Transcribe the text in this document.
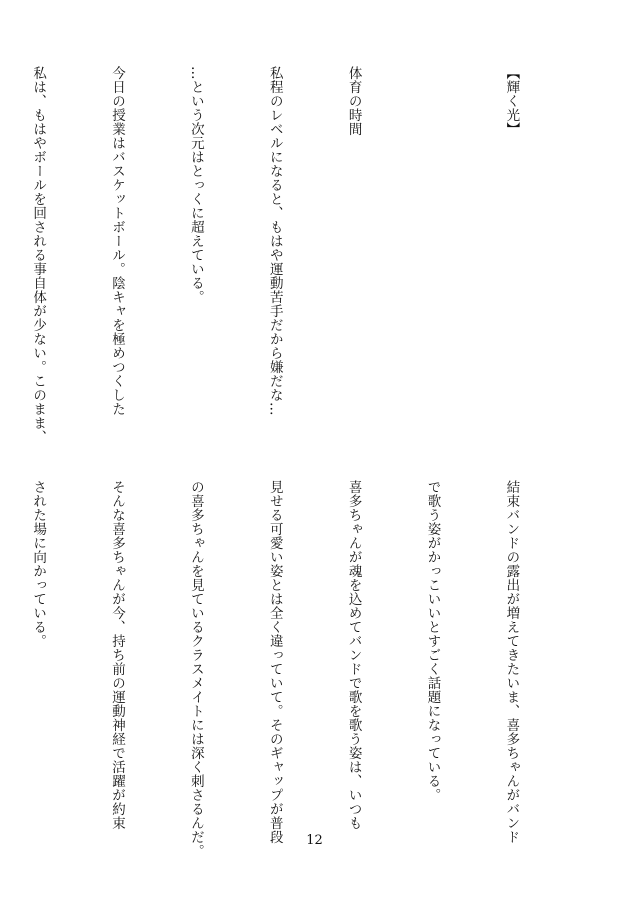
【輝く光】

体育の時間

私程のレベルになると、もはや運動苦手だから嫌だな…

…という次元はとっくに超えている。

今日の授業はバスケットボール。陰キャを極めつくした

私は、もはやボールを回される事自体が少ない。このまま、

結束バンドの露出が増えてきたいま、喜多ちゃんがバンド

で歌う姿がかっこいいとすごく話題になっている。

喜多ちゃんが魂を込めてバンドで歌を歌う姿は、いつも

見せる可愛い姿とは全く違っていて。そのギャップが普段

の喜多ちゃんを見ているクラスメイトには深く刺さるんだ。

そんな喜多ちゃんが今、持ち前の運動神経で活躍が約束

された場に向かっている。

12
